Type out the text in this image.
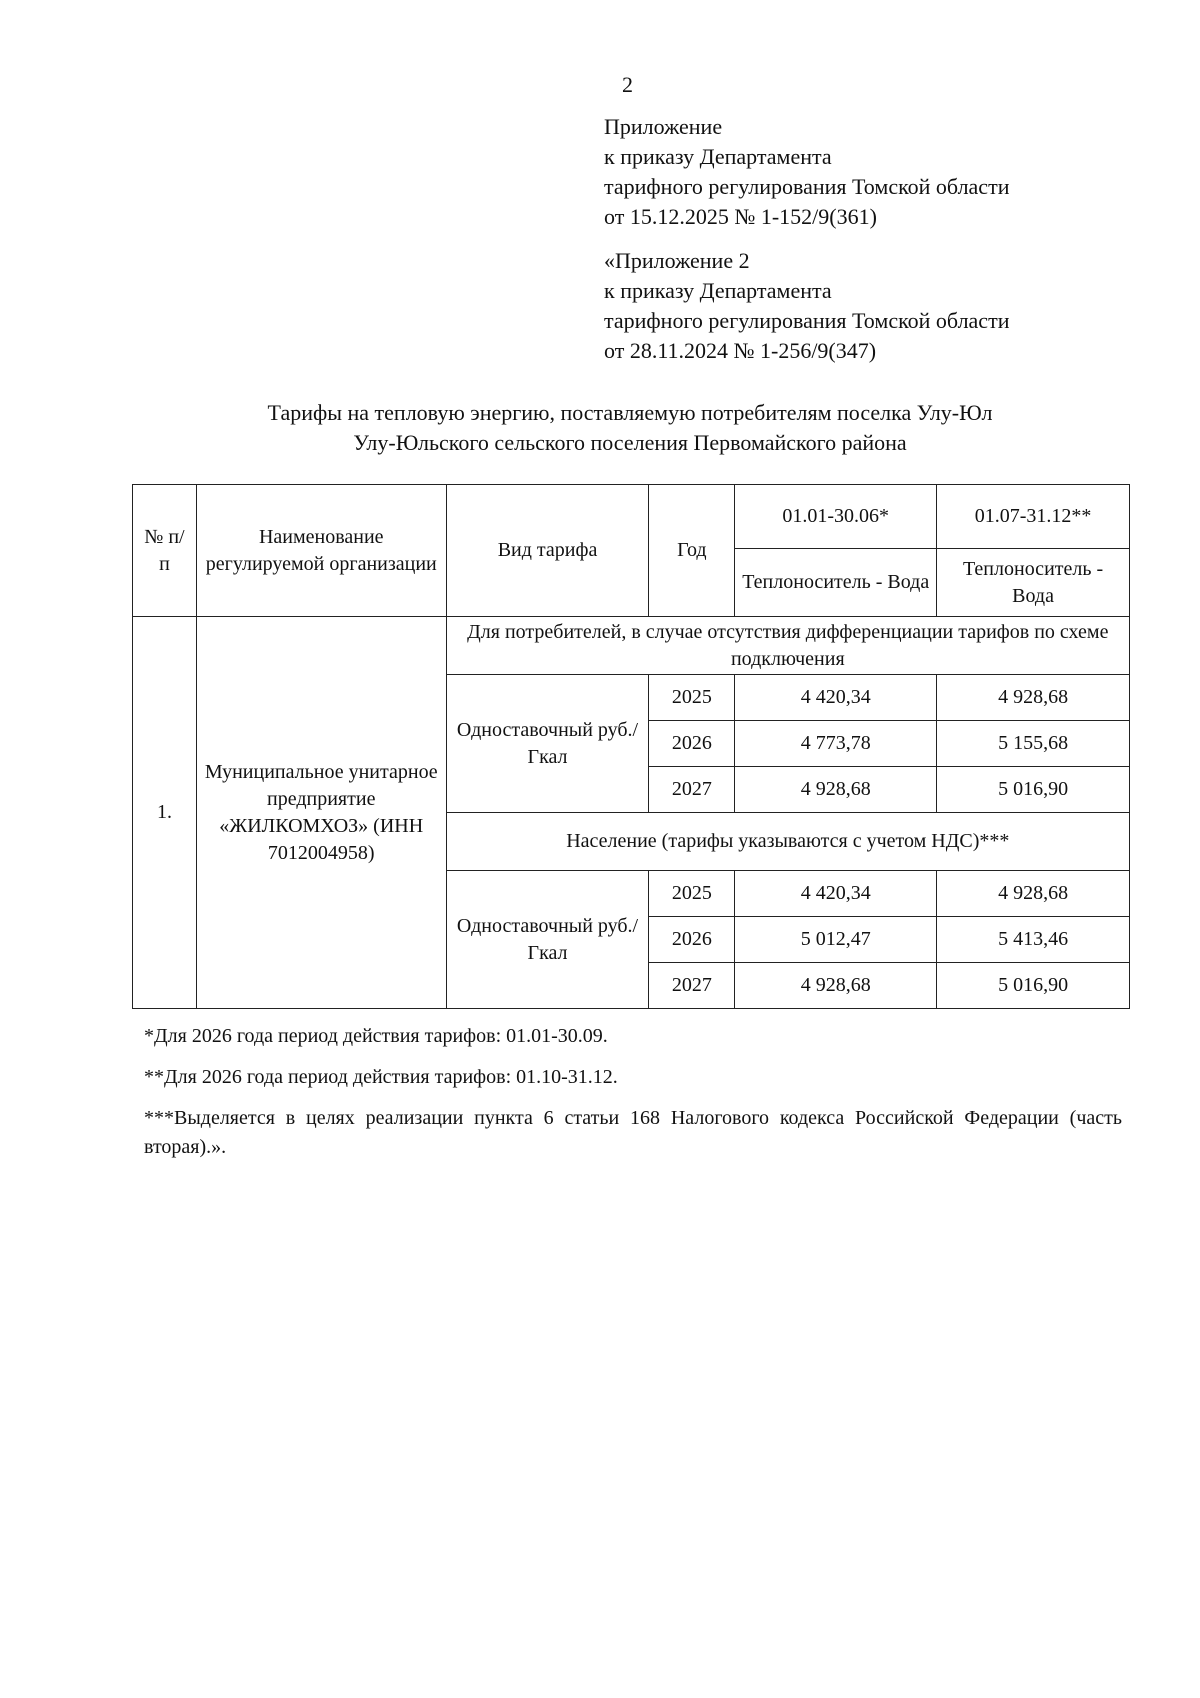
2
Приложение
к приказу Департамента
тарифного регулирования Томской области
от 15.12.2025 № 1-152/9(361)
«Приложение 2
к приказу Департамента
тарифного регулирования Томской области
от 28.11.2024 № 1-256/9(347)
Тарифы на тепловую энергию, поставляемую потребителям поселка Улу-Юл
Улу-Юльского сельского поселения Первомайского района
№ п/п	Наименование регулируемой организации	Вид тарифа	Год	01.01-30.06*	01.07-31.12**
				Теплоноситель - Вода	Теплоноситель - Вода
1.	Муниципальное унитарное предприятие «ЖИЛКОМХОЗ» (ИНН 7012004958)	Для потребителей, в случае отсутствия дифференциации тарифов по схеме подключения			
		Одноставочный руб./Гкал	2025	4 420,34	4 928,68
			2026	4 773,78	5 155,68
			2027	4 928,68	5 016,90
		Население (тарифы указываются с учетом НДС)***			
		Одноставочный руб./Гкал	2025	4 420,34	4 928,68
			2026	5 012,47	5 413,46
			2027	4 928,68	5 016,90

*Для 2026 года период действия тарифов: 01.01-30.09.

**Для 2026 года период действия тарифов: 01.10-31.12.

***Выделяется в целях реализации пункта 6 статьи 168 Налогового кодекса Российской Федерации (часть вторая).».
